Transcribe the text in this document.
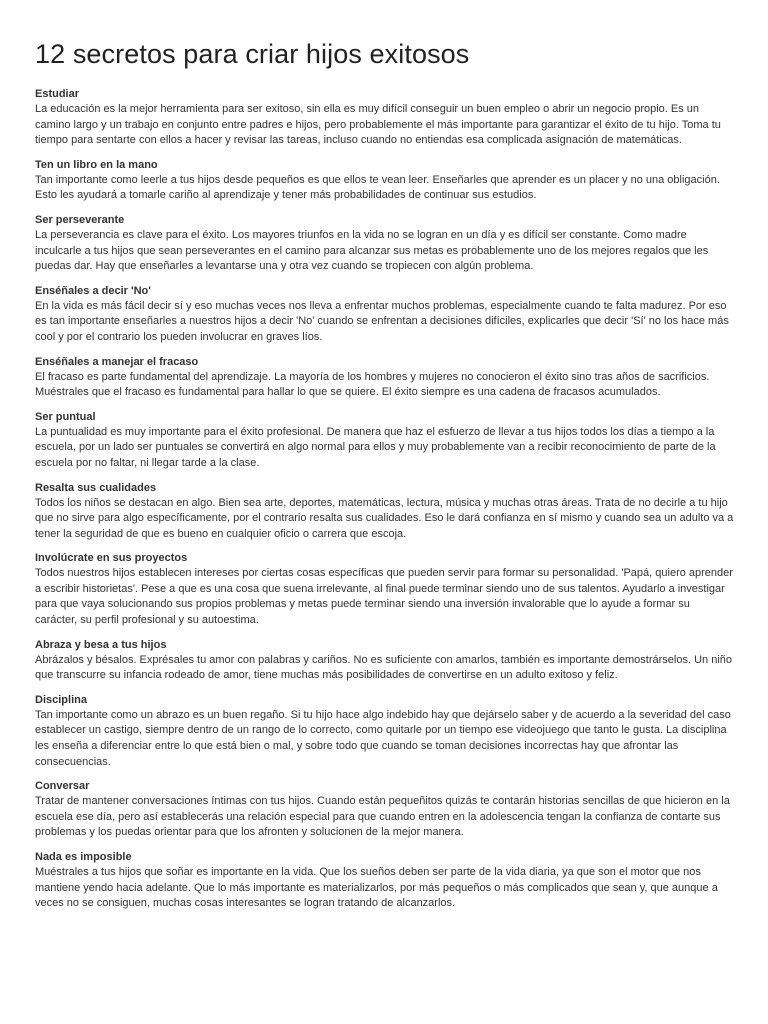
12 secretos para criar hijos exitosos
Estudiar

La educación es la mejor herramienta para ser exitoso, sin ella es muy difícil conseguir un buen empleo o abrir un negocio propio. Es un camino largo y un trabajo en conjunto entre padres e hijos, pero probablemente el más importante para garantizar el éxito de tu hijo. Toma tu tiempo para sentarte con ellos a hacer y revisar las tareas, incluso cuando no entiendas esa complicada asignación de matemáticas.

Ten un libro en la mano

Tan importante como leerle a tus hijos desde pequeños es que ellos te vean leer. Enseñarles que aprender es un placer y no una obligación. Esto les ayudará a tomarle cariño al aprendizaje y tener más probabilidades de continuar sus estudios.

Ser perseverante

La perseverancia es clave para el éxito. Los mayores triunfos en la vida no se logran en un día y es difícil ser constante. Como madre inculcarle a tus hijos que sean perseverantes en el camino para alcanzar sus metas es probablemente uno de los mejores regalos que les puedas dar. Hay que enseñarles a levantarse una y otra vez cuando se tropiecen con algún problema.

Enséñales a decir 'No'

En la vida es más fácil decir sí y eso muchas veces nos lleva a enfrentar muchos problemas, especialmente cuando te falta madurez. Por eso es tan importante enseñarles a nuestros hijos a decir 'No' cuando se enfrentan a decisiones difíciles, explicarles que decir 'Sí' no los hace más cool y por el contrario los pueden involucrar en graves líos.

Enséñales a manejar el fracaso

El fracaso es parte fundamental del aprendizaje. La mayoría de los hombres y mujeres no conocieron el éxito sino tras años de sacrificios. Muéstrales que el fracaso es fundamental para hallar lo que se quiere. El éxito siempre es una cadena de fracasos acumulados.

Ser puntual

La puntualidad es muy importante para el éxito profesional. De manera que haz el esfuerzo de llevar a tus hijos todos los días a tiempo a la escuela, por un lado ser puntuales se convertirá en algo normal para ellos y muy probablemente van a recibir reconocimiento de parte de la escuela por no faltar, ni llegar tarde a la clase.

Resalta sus cualidades

Todos los niños se destacan en algo. Bien sea arte, deportes, matemáticas, lectura, música y muchas otras áreas. Trata de no decirle a tu hijo que no sirve para algo específicamente, por el contrario resalta sus cualidades. Eso le dará confianza en sí mismo y cuando sea un adulto va a tener la seguridad de que es bueno en cualquier oficio o carrera que escoja.

Involúcrate en sus proyectos

Todos nuestros hijos establecen intereses por ciertas cosas específicas que pueden servir para formar su personalidad. 'Papá, quiero aprender a escribir historietas'. Pese a que es una cosa que suena irrelevante, al final puede terminar siendo uno de sus talentos. Ayudarlo a investigar para que vaya solucionando sus propios problemas y metas puede terminar siendo una inversión invalorable que lo ayude a formar su carácter, su perfil profesional y su autoestima.

Abraza y besa a tus hijos

Abrázalos y bésalos. Exprésales tu amor con palabras y cariños. No es suficiente con amarlos, también es importante demostrárselos. Un niño que transcurre su infancia rodeado de amor, tiene muchas más posibilidades de convertirse en un adulto exitoso y feliz.

Disciplina

Tan importante como un abrazo es un buen regaño. Si tu hijo hace algo indebido hay que dejárselo saber y de acuerdo a la severidad del caso establecer un castigo, siempre dentro de un rango de lo correcto, como quitarle por un tiempo ese videojuego que tanto le gusta. La disciplina les enseña a diferenciar entre lo que está bien o mal, y sobre todo que cuando se toman decisiones incorrectas hay que afrontar las consecuencias.

Conversar

Tratar de mantener conversaciones íntimas con tus hijos. Cuando están pequeñitos quizás te contarán historias sencillas de que hicieron en la escuela ese día, pero así establecerás una relación especial para que cuando entren en la adolescencia tengan la confianza de contarte sus problemas y los puedas orientar para que los afronten y solucionen de la mejor manera.

Nada es imposible

Muéstrales a tus hijos que soñar es importante en la vida. Que los sueños deben ser parte de la vida diaria, ya que son el motor que nos mantiene yendo hacia adelante. Que lo más importante es materializarlos, por más pequeños o más complicados que sean y, que aunque a veces no se consiguen, muchas cosas interesantes se logran tratando de alcanzarlos.
